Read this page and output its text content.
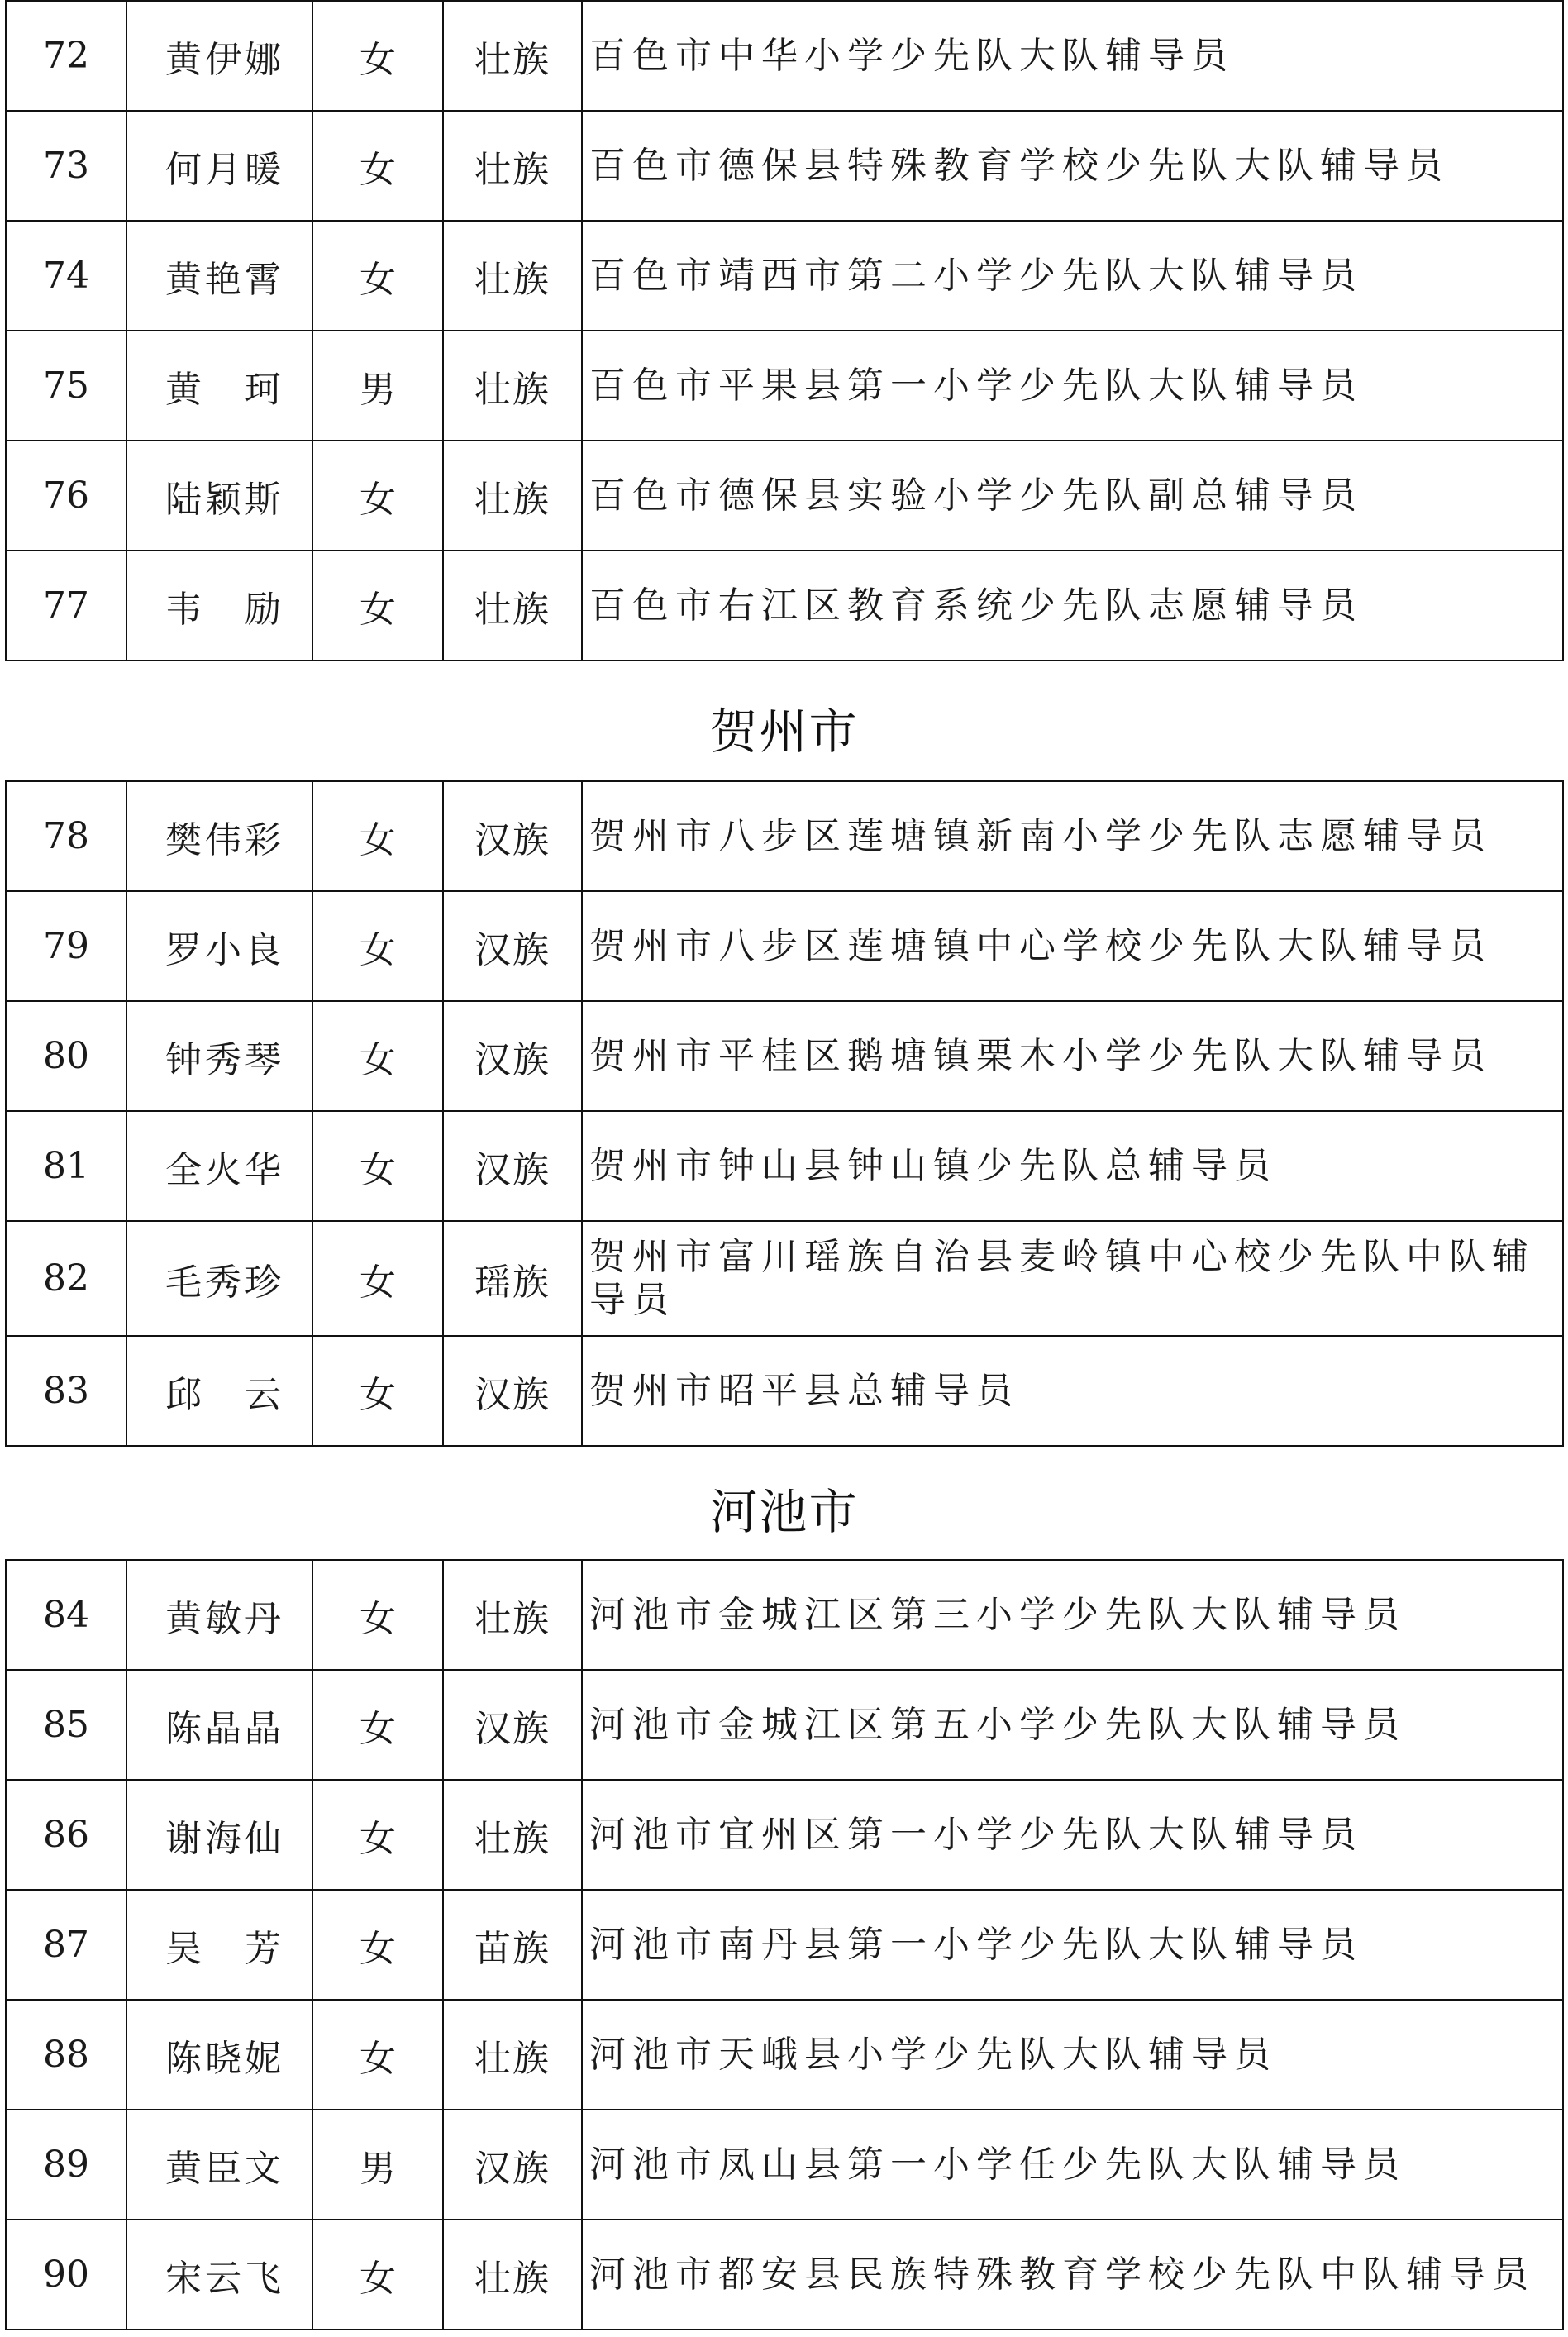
72	黄伊娜	女	壮族	百色市中华小学少先队大队辅导员
73	何月暖	女	壮族	百色市德保县特殊教育学校少先队大队辅导员
74	黄艳霄	女	壮族	百色市靖西市第二小学少先队大队辅导员
75	黄　珂	男	壮族	百色市平果县第一小学少先队大队辅导员
76	陆颖斯	女	壮族	百色市德保县实验小学少先队副总辅导员
77	韦　励	女	壮族	百色市右江区教育系统少先队志愿辅导员
贺州市
78	樊伟彩	女	汉族	贺州市八步区莲塘镇新南小学少先队志愿辅导员
79	罗小良	女	汉族	贺州市八步区莲塘镇中心学校少先队大队辅导员
80	钟秀琴	女	汉族	贺州市平桂区鹅塘镇栗木小学少先队大队辅导员
81	全火华	女	汉族	贺州市钟山县钟山镇少先队总辅导员
82	毛秀珍	女	瑶族	贺州市富川瑶族自治县麦岭镇中心校少先队中队辅导员
83	邱　云	女	汉族	贺州市昭平县总辅导员
河池市
84	黄敏丹	女	壮族	河池市金城江区第三小学少先队大队辅导员
85	陈晶晶	女	汉族	河池市金城江区第五小学少先队大队辅导员
86	谢海仙	女	壮族	河池市宜州区第一小学少先队大队辅导员
87	吴　芳	女	苗族	河池市南丹县第一小学少先队大队辅导员
88	陈晓妮	女	壮族	河池市天峨县小学少先队大队辅导员
89	黄臣文	男	汉族	河池市凤山县第一小学任少先队大队辅导员
90	宋云飞	女	壮族	河池市都安县民族特殊教育学校少先队中队辅导员
